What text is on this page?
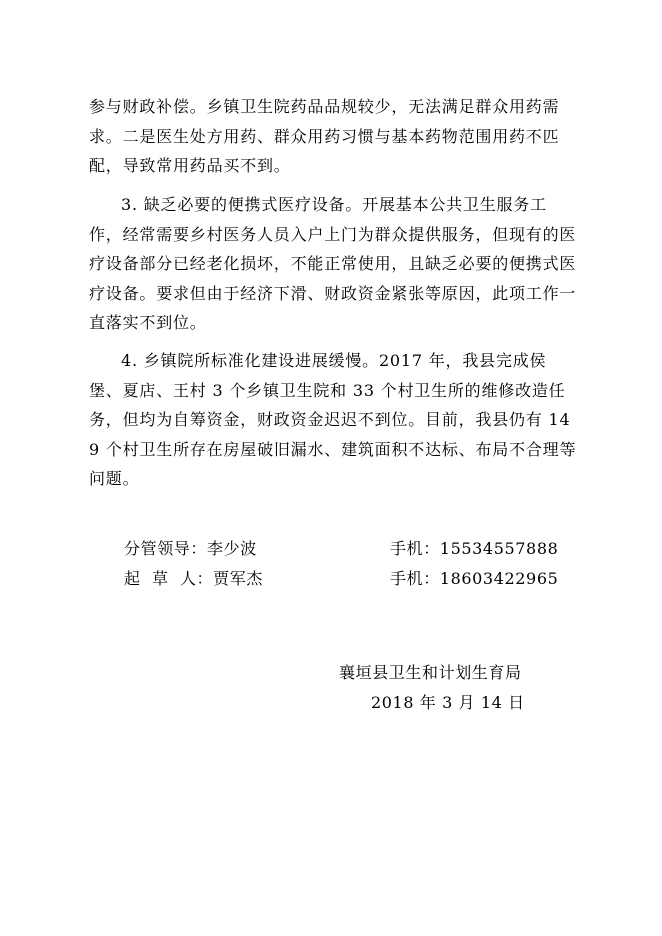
参与财政补偿。乡镇卫生院药品品规较少，无法满足群众用药需求。二是医生处方用药、群众用药习惯与基本药物范围用药不匹配，导致常用药品买不到。

3. 缺乏必要的便携式医疗设备。开展基本公共卫生服务工作，经常需要乡村医务人员入户上门为群众提供服务，但现有的医疗设备部分已经老化损坏，不能正常使用，且缺乏必要的便携式医疗设备。要求但由于经济下滑、财政资金紧张等原因，此项工作一直落实不到位。

4. 乡镇院所标准化建设进展缓慢。2017 年，我县完成侯堡、夏店、王村 3 个乡镇卫生院和 33 个村卫生所的维修改造任务，但均为自筹资金，财政资金迟迟不到位。目前，我县仍有 149 个村卫生所存在房屋破旧漏水、建筑面积不达标、布局不合理等问题。

分管领导：李少波	手机：15534557888
起  草  人：贾军杰	手机：18603422965
襄垣县卫生和计划生育局
2018 年 3 月 14 日
